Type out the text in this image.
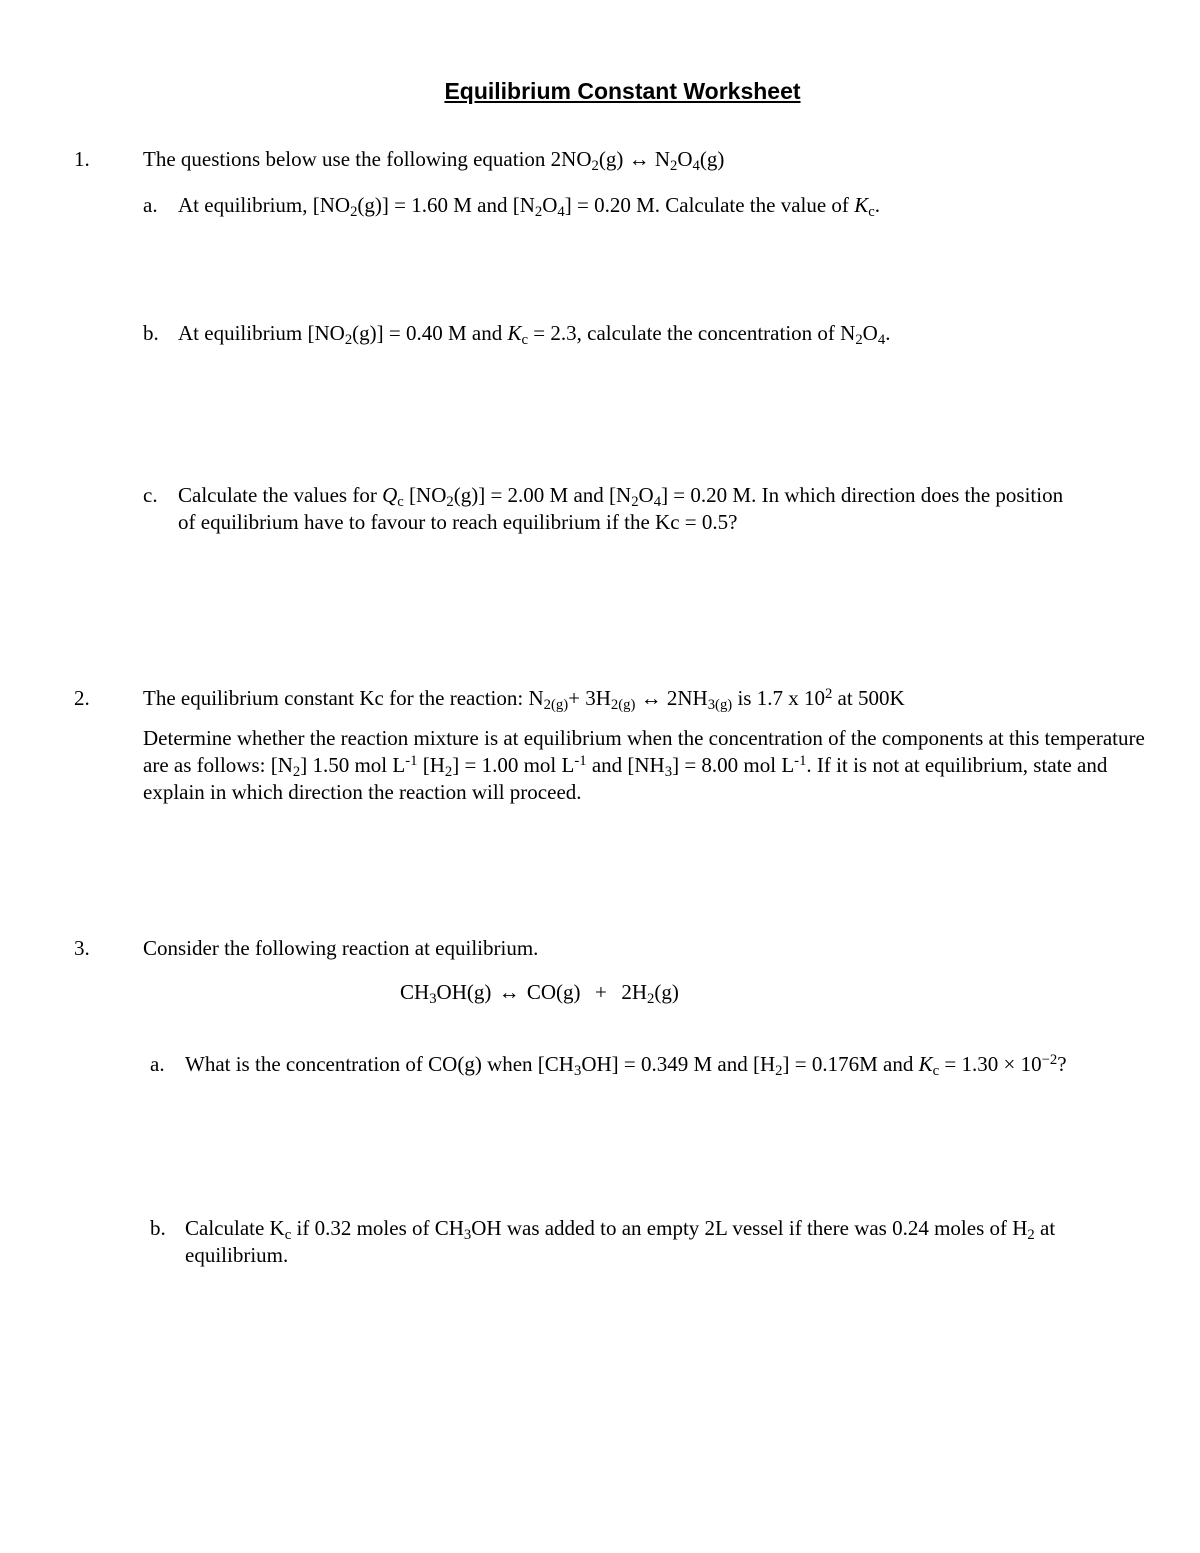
Equilibrium Constant Worksheet
1.	The questions below use the following equation $2NO_2(g)$ ↔ $N_2O_4(g)$
a. At equilibrium, $[NO_2(g)] = 1.60$ M and $[N_2O_4] = 0.20$ M. Calculate the value of $K_c$.
b. At equilibrium $[NO_2(g)] = 0.40$ M and $K_c = 2.3$, calculate the concentration of $N_2O_4$.
c. Calculate the values for $Q_c$ $[NO_2(g)] = 2.00$ M and $[N_2O_4] = 0.20$ M. In which direction does the position
of equilibrium have to favour to reach equilibrium if the Kc = 0.5?
2.	The equilibrium constant Kc for the reaction: $N_{2(g)}+ 3H_{2(g)}$ ↔ $2NH_{3(g)}$ is 1.7 x $10^2$ at 500K
Determine whether the reaction mixture is at equilibrium when the concentration of the components at this temperature are as follows: $[N_2]$ 1.50 mol $L^{-1}$ $[H_2] = 1.00$ mol $L^{-1}$ and $[NH_3] = 8.00$ mol $L^{-1}$. If it is not at equilibrium, state and explain in which direction the reaction will proceed.
3.	Consider the following reaction at equilibrium.
$CH_3OH(g)$ ↔ $CO(g) + 2H_2(g)$
a. What is the concentration of CO(g) when $[CH_3OH] = 0.349$ M and $[H_2] = 0.176M$ and $K_c = 1.30 \times 10^{-2}$?
b. Calculate $K_c$ if 0.32 moles of $CH_3OH$ was added to an empty 2L vessel if there was 0.24 moles of $H_2$ at
equilibrium.
